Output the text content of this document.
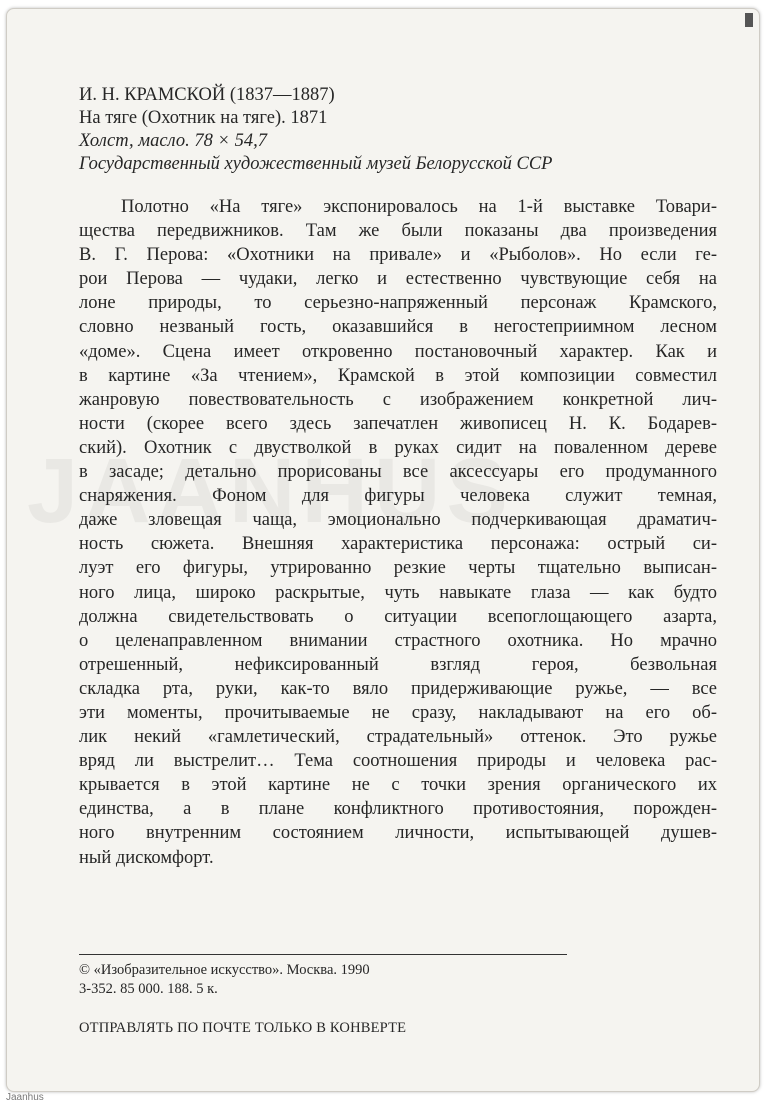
И. Н. КРАМСКОЙ (1837—1887)
На тяге (Охотник на тяге). 1871
Холст, масло. 78 × 54,7
Государственный художественный музей Белорусской ССР
Полотно «На тяге» экспонировалось на 1-й выставке Товари-
щества передвижников. Там же были показаны два произведения
В. Г. Перова: «Охотники на привале» и «Рыболов». Но если ге-
рои Перова — чудаки, легко и естественно чувствующие себя на
лоне природы, то серьезно-напряженный персонаж Крамского,
словно незваный гость, оказавшийся в негостеприимном лесном
«доме». Сцена имеет откровенно постановочный характер. Как и
в картине «За чтением», Крамской в этой композиции совместил
жанровую повествовательность с изображением конкретной лич-
ности (скорее всего здесь запечатлен живописец Н. К. Бодарев-
ский). Охотник с двустволкой в руках сидит на поваленном дереве
в засаде; детально прорисованы все аксессуары его продуманного
снаряжения. Фоном для фигуры человека служит темная,
даже зловещая чаща, эмоционально подчеркивающая драматич-
ность сюжета. Внешняя характеристика персонажа: острый си-
луэт его фигуры, утрированно резкие черты тщательно выписан-
ного лица, широко раскрытые, чуть навыкате глаза — как будто
должна свидетельствовать о ситуации всепоглощающего азарта,
о целенаправленном внимании страстного охотника. Но мрачно
отрешенный, нефиксированный взгляд героя, безвольная
складка рта, руки, как-то вяло придерживающие ружье, — все
эти моменты, прочитываемые не сразу, накладывают на его об-
лик некий «гамлетический, страдательный» оттенок. Это ружье
вряд ли выстрелит… Тема соотношения природы и человека рас-
крывается в этой картине не с точки зрения органического их
единства, а в плане конфликтного противостояния, порожден-
ного внутренним состоянием личности, испытывающей душев-
ный дискомфорт.
© «Изобразительное искусство». Москва. 1990
3-352. 85 000. 188. 5 к.
ОТПРАВЛЯТЬ ПО ПОЧТЕ ТОЛЬКО В КОНВЕРТЕ
Jaanhus
